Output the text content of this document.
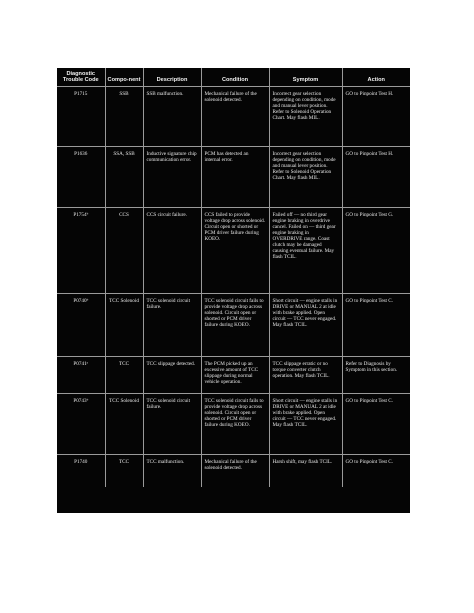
Diagnostic Trouble Code	Compo-nent	Description	Condition	Symptom	Action
P1715	SSB	SSB malfunction.	Mechanical failure of the solenoid detected.	Incorrect gear selection depending on condition, mode and manual lever position. Refer to Solenoid Operation Chart. May flash MIL.	GO to Pinpoint Test H.
P1636	SSA, SSB	Inductive signature chip communication error.	PCM has detected an internal error.	Incorrect gear selection depending on condition, mode and manual lever position. Refer to Solenoid Operation Chart. May flash MIL.	GO to Pinpoint Test H.
P1754ᵇ	CCS	CCS circuit failure.	CCS failed to provide voltage drop across solenoid. Circuit open or shorted or PCM driver failure during KOEO.	Failed off — no third gear engine braking in overdrive cancel. Failed on — third gear engine braking in OVERDRIVE range. Coast clutch may be damaged causing eventual failure. May flash TCIL.	GO to Pinpoint Test G.
P0740ᵇ	TCC Solenoid	TCC solenoid circuit failure.	TCC solenoid circuit fails to provide voltage drop across solenoid. Circuit open or shorted or PCM driver failure during KOEO.	Short circuit — engine stalls in DRIVE or MANUAL 2 at idle with brake applied. Open circuit — TCC never engaged. May flash TCIL.	GO to Pinpoint Test C.
P0741ᵃ	TCC	TCC slippage detected.	The PCM picked up an excessive amount of TCC slippage during normal vehicle operation.	TCC slippage erratic or no torque converter clutch operation. May flash TCIL.	Refer to Diagnosis by Symptom in this section.
P0743ᵇ	TCC Solenoid	TCC solenoid circuit failure.	TCC solenoid circuit fails to provide voltage drop across solenoid. Circuit open or shorted or PCM driver failure during KOEO.	Short circuit — engine stalls in DRIVE or MANUAL 2 at idle with brake applied. Open circuit — TCC never engaged. May flash TCIL.	GO to Pinpoint Test C.
P1740	TCC	TCC malfunction.	Mechanical failure of the solenoid detected.	Harsh shift, may flash TCIL.	GO to Pinpoint Test C.
